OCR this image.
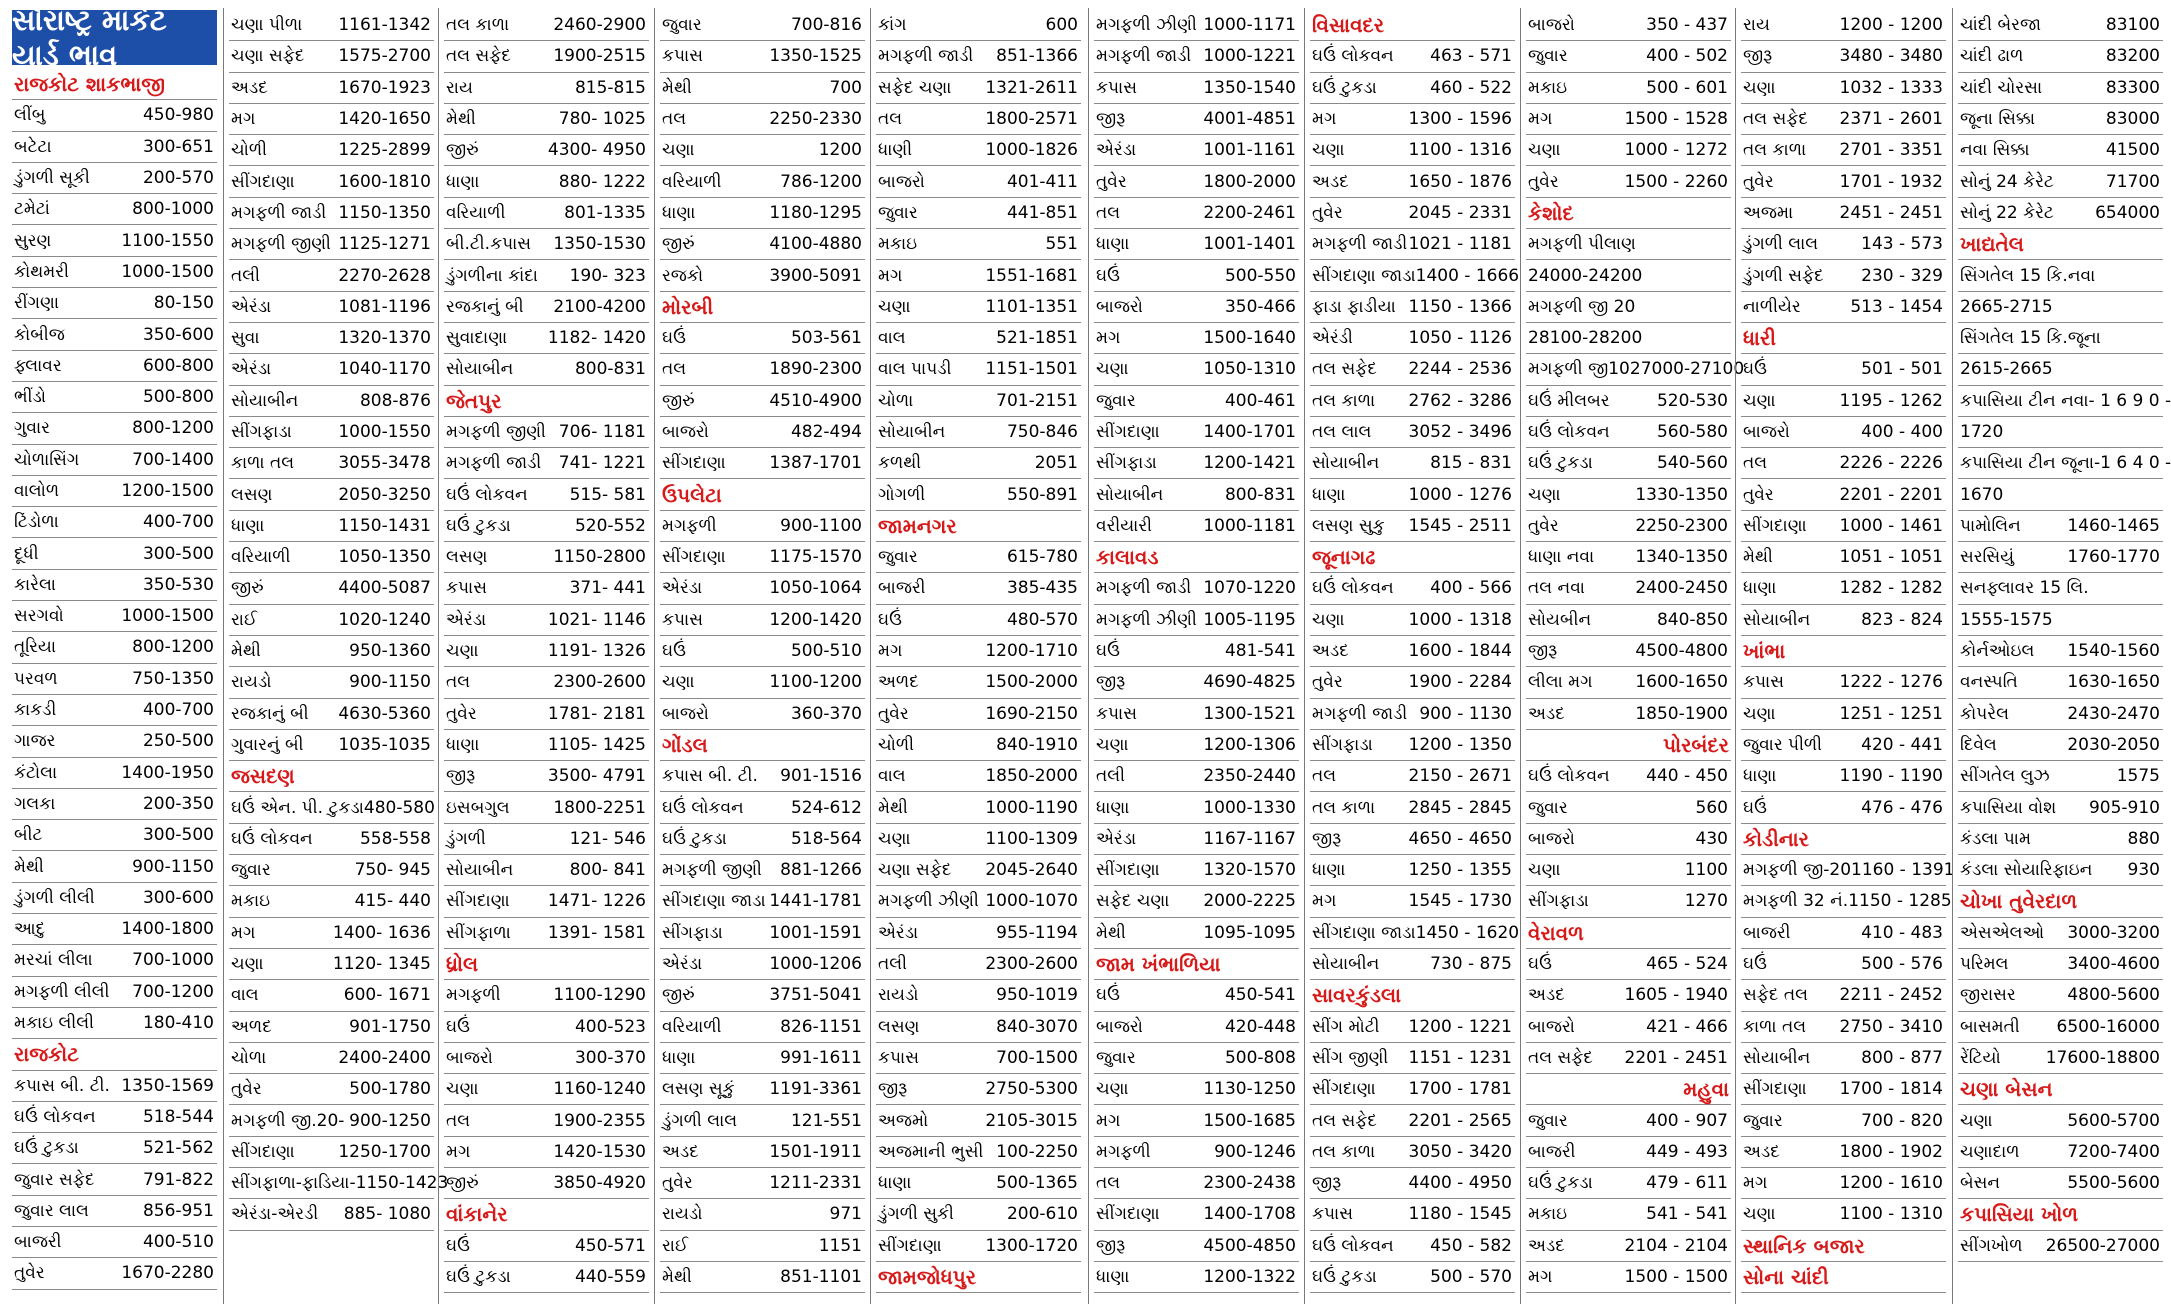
સૌરાષ્ટ્ર માર્કેટ યાર્ડ ભાવ
રાજકોટ શાકભાજી
લીંબુ	450-980
બટેટા	300-651
ડુંગળી સૂકી	200-570
ટમેટાં	800-1000
સુરણ	1100-1550
કોથમરી	1000-1500
રીંગણા	80-150
કોબીજ	350-600
ફ્લાવર	600-800
ભીંડો	500-800
ગુવાર	800-1200
ચોળાસિંગ	700-1400
વાલોળ	1200-1500
ટિંડોળા	400-700
દૂધી	300-500
કારેલા	350-530
સરગવો	1000-1500
તૂરિયા	800-1200
પરવળ	750-1350
કાકડી	400-700
ગાજર	250-500
કંટોલા	1400-1950
ગલકા	200-350
બીટ	300-500
મેથી	900-1150
ડુંગળી લીલી	300-600
આદુ	1400-1800
મરચાં લીલા 700-1000
મગફળી લીલી 700-1200
મકાઇ લીલી	180-410
રાજકોટ
કપાસ બી. ટી. 1350-1569
ઘઉં લોકવન	518-544
ઘઉં ટુકડા	521-562
જુવાર સફેદ	791-822
જુવાર લાલ	856-951
બાજરી	400-510
તુવેર	1670-2280
ચણા પીળા 1161-1342
ચણા સફેદ 1575-2700
અડદ	1670-1923
મગ	1420-1650
ચોળી	1225-2899
સીંગદાણા	1600-1810
મગફળી જાડી 1150-1350
મગફળી જીણી 1125-1271
તલી	2270-2628
એરંડા	1081-1196
સુવા	1320-1370
એરંડા	1040-1170
સોયાબીન	808-876
સીંગફાડા	1000-1550
કાળા તલ	3055-3478
લસણ	2050-3250
ધાણા	1150-1431
વરિયાળી	1050-1350
જીરું	4400-5087
રાઈ	1020-1240
મેથી	950-1360
રાયડો	900-1150
રજકાનું બી 4630-5360
ગુવારનું બી 1035-1035
જસદણ
ઘઉં એન. પી. ટુકડા 480-580
ઘઉં લોકવન	558-558
જુવાર	750- 945
મકાઇ	415- 440
મગ	1400- 1636
ચણા	1120- 1345
વાલ	600- 1671
અળદ	901-1750
ચોળા	2400-2400
તુવેર	500-1780
મગફળી જી.20- 900-1250
સીંગદાણા	1250-1700
સીંગફાળા-ફાડિયા- 1150-1423
એરંડા-એરડી 885- 1080
તલ કાળા	2460-2900
તલ સફેદ 1900-2515
રાય	815-815
મેથી	780- 1025
જીરું	4300- 4950
ધાણા	880- 1222
વરિયાળી	801-1335
બી.ટી.કપાસ 1350-1530
ડુંગળીના કાંદા 190- 323
રજકાનું બી 2100-4200
સુવાદાણા 1182- 1420
સોયાબીન	800-831
જેતપુર
મગફળી જીણી 706- 1181
મગફળી જાડી 741- 1221
ઘઉં લોકવન 515- 581
ઘઉં ટુકડા	520-552
લસણ	1150-2800
કપાસ	371- 441
એરંડા	1021- 1146
ચણા	1191- 1326
તલ	2300-2600
તુવેર	1781- 2181
ધાણા	1105- 1425
જીરૂ	3500- 4791
ઇસબગુલ	1800-2251
ડુંગળી	121- 546
સોયાબીન	800- 841
સીંગદાણા 1471- 1226
સીંગફાળા 1391- 1581
ધ્રોલ
મગફળી	1100-1290
ઘઉં	400-523
બાજરો	300-370
ચણા	1160-1240
તલ	1900-2355
મગ	1420-1530
જીરું	3850-4920
વાંકાનેર
ઘઉં	450-571
ઘઉં ટુકડા	440-559
જુવાર	700-816
કપાસ	1350-1525
મેથી	700
તલ	2250-2330
ચણા	1200
વરિયાળી	786-1200
ધાણા	1180-1295
જીરું	4100-4880
રજકો	3900-5091
મોરબી
ઘઉં	503-561
તલ	1890-2300
જીરું	4510-4900
બાજરો	482-494
સીંગદાણા	1387-1701
ઉપલેટા
મગફળી	900-1100
સીંગદાણા	1175-1570
એરંડા	1050-1064
કપાસ	1200-1420
ઘઉં	500-510
ચણા	1100-1200
બાજરો	360-370
ગોંડલ
કપાસ બી. ટી. 901-1516
ઘઉં લોકવન	524-612
ઘઉં ટુકડા	518-564
મગફળી જીણી 881-1266
સીંગદાણા જાડા 1441-1781
સીંગફાડા	1001-1591
એરંડા	1000-1206
જીરું	3751-5041
વરિયાળી	826-1151
ધાણા	991-1611
લસણ સૂકું 1191-3361
ડુંગળી લાલ	121-551
અડદ	1501-1911
તુવેર	1211-2331
રાયડો	971
રાઈ	1151
મેથી	851-1101
કાંગ	600
મગફળી જાડી 851-1366
સફેદ ચણા 1321-2611
તલ	1800-2571
ધાણી	1000-1826
બાજરો	401-411
જુવાર	441-851
મકાઇ	551
મગ	1551-1681
ચણા	1101-1351
વાલ	521-1851
વાલ પાપડી 1151-1501
ચોળા	701-2151
સોયાબીન	750-846
કળથી	2051
ગોગળી	550-891
જામનગર
જુવાર	615-780
બાજરી	385-435
ઘઉં	480-570
મગ	1200-1710
અળદ	1500-2000
તુવેર	1690-2150
ચોળી	840-1910
વાલ	1850-2000
મેથી	1000-1190
ચણા	1100-1309
ચણા સફેદ 2045-2640
મગફળી ઝીણી 1000-1070
એરંડા	955-1194
તલી	2300-2600
રાયડો	950-1019
લસણ	840-3070
કપાસ	700-1500
જીરૂ	2750-5300
અજમો	2105-3015
અજમાની ભુસી 100-2250
ધાણા	500-1365
ડુંગળી સુકી	200-610
સીંગદાણા	1300-1720
જામજોધપુર
મગફળી ઝીણી 1000-1171
મગફળી જાડી 1000-1221
કપાસ	1350-1540
જીરૂ	4001-4851
એરંડા	1001-1161
તુવેર	1800-2000
તલ	2200-2461
ધાણા	1001-1401
ઘઉં	500-550
બાજરો	350-466
મગ	1500-1640
ચણા	1050-1310
જુવાર	400-461
સીંગદાણા	1400-1701
સીંગફાડા	1200-1421
સોયાબીન	800-831
વરીયારી	1000-1181
કાલાવડ
મગફળી જાડી 1070-1220
મગફળી ઝીણી 1005-1195
ઘઉં	481-541
જીરૂ	4690-4825
કપાસ	1300-1521
ચણા	1200-1306
તલી	2350-2440
ધાણા	1000-1330
એરંડા	1167-1167
સીંગદાણા	1320-1570
સફેદ ચણા 2000-2225
મેથી	1095-1095
જામ ખંભાળિયા
ઘઉં	450-541
બાજરો	420-448
જુવાર	500-808
ચણા	1130-1250
મગ	1500-1685
મગફળી	900-1246
તલ	2300-2438
સીંગદાણા	1400-1708
જીરૂ	4500-4850
ધાણા	1200-1322
વિસાવદર
ઘઉં લોકવન 463 - 571
ઘઉં ટુકડા	460 - 522
મગ	1300 - 1596
ચણા	1100 - 1316
અડદ	1650 - 1876
તુવેર	2045 - 2331
મગફળી જાડી 1021 - 1181
સીંગદાણા જાડા 1400 - 1666
ફાડા ફાડીયા 1150 - 1366
એરંડી	1050 - 1126
તલ સફેદ 2244 - 2536
તલ કાળા 2762 - 3286
તલ લાલ 3052 - 3496
સોયાબીન	815 - 831
ધાણા	1000 - 1276
લસણ સુકુ 1545 - 2511
જૂનાગઢ
ઘઉં લોકવન 400 - 566
ચણા	1000 - 1318
અડદ	1600 - 1844
તુવેર	1900 - 2284
મગફળી જાડી 900 - 1130
સીંગફાડા 1200 - 1350
તલ	2150 - 2671
તલ કાળા 2845 - 2845
જીરૂ	4650 - 4650
ધાણા	1250 - 1355
મગ	1545 - 1730
સીંગદાણા જાડા 1450 - 1620
સોયાબીન	730 - 875
સાવરકુંડલા
સીંગ મોટી 1200 - 1221
સીંગ જીણી 1151 - 1231
સીંગદાણા 1700 - 1781
તલ સફેદ 2201 - 2565
તલ કાળા 3050 - 3420
જીરૂ	4400 - 4950
કપાસ	1180 - 1545
ઘઉં લોકવન 450 - 582
ઘઉં ટુકડા	500 - 570
બાજરો	350 - 437
જુવાર	400 - 502
મકાઇ	500 - 601
મગ	1500 - 1528
ચણા	1000 - 1272
તુવેર	1500 - 2260
કેશોદ
મગફળી પીલાણ
24000-24200
મગફળી જી 20
28100-28200
મગફળી જી10 27000-27100
ઘઉં મીલબર	520-530
ઘઉં લોકવન	560-580
ઘઉં ટુકડા	540-560
ચણા	1330-1350
તુવેર	2250-2300
ધાણા નવા 1340-1350
તલ નવા	2400-2450
સોયબીન	840-850
જીરૂ	4500-4800
લીલા મગ	1600-1650
અડદ	1850-1900
પોરબંદર
ઘઉં લોકવન 440 - 450
જુવાર	560
બાજરો	430
ચણા	1100
સીંગફાડા	1270
વેરાવળ
ઘઉં	465 - 524
અડદ	1605 - 1940
બાજરો	421 - 466
તલ સફેદ 2201 - 2451
મહુવા
જુવાર	400 - 907
બાજરી	449 - 493
ઘઉં ટુકડા	479 - 611
મકાઇ	541 - 541
અડદ	2104 - 2104
મગ	1500 - 1500
રાય	1200 - 1200
જીરૂ	3480 - 3480
ચણા	1032 - 1333
તલ સફેદ 2371 - 2601
તલ કાળા 2701 - 3351
તુવેર	1701 - 1932
અજમા	2451 - 2451
ડુંગળી લાલ	143 - 573
ડુંગળી સફેદ 230 - 329
નાળીયેર	513 - 1454
ધારી
ઘઉં	501 - 501
ચણા	1195 - 1262
બાજરો	400 - 400
તલ	2226 - 2226
તુવેર	2201 - 2201
સીંગદાણા 1000 - 1461
મેથી	1051 - 1051
ધાણા	1282 - 1282
સોયાબીન	823 - 824
ખાંભા
કપાસ	1222 - 1276
ચણા	1251 - 1251
જુવાર પીળી 420 - 441
ધાણા	1190 - 1190
ઘઉં	476 - 476
કોડીનાર
મગફળી જી-20 1160 - 1391
મગફળી 32 નં. 1150 - 1285
બાજરી	410 - 483
ઘઉં	500 - 576
સફેદ તલ 2211 - 2452
કાળા તલ 2750 - 3410
સોયાબીન	800 - 877
સીંગદાણા 1700 - 1814
જુવાર	700 - 820
અડદ	1800 - 1902
મગ	1200 - 1610
ચણા	1100 - 1310
સ્થાનિક બજાર
સોના ચાંદી
ચાંદી બેરજા	83100
ચાંદી ઢાળ	83200
ચાંદી ચોરસા	83300
જૂના સિક્કા	83000
નવા સિક્કા	41500
સોનું 24 કેરેટ	71700
સોનું 22 કેરેટ 654000
ખાદ્યતેલ
સિંગતેલ 15 કિ.નવા
2665-2715
સિંગતેલ 15 કિ.જૂના
2615-2665
કપાસિયા ટીન નવા- 1 6 9 0 -
1720
કપાસિયા ટીન જૂના-1 6 4 0 -
1670
પામોલિન	1460-1465
સરસિયું	1760-1770
સનફ્લાવર 15 લિ.
1555-1575
કોર્નઓઇલ 1540-1560
વનસ્પતિ	1630-1650
કોપરેલ	2430-2470
દિવેલ	2030-2050
સીંગતેલ લુઝ	1575
કપાસિયા વોશ 905-910
કંડલા પામ	880
કંડલા સોયારિફાઇન 930
ચોખા તુવેરદાળ
એસએલઓ 3000-3200
પરિમલ	3400-4600
જીરાસર	4800-5600
બાસમતી 6500-16000
રેંટિયો	17600-18800
ચણા બેસન
ચણા	5600-5700
ચણાદાળ	7200-7400
બેસન	5500-5600
કપાસિયા ખોળ
સીંગખોળ 26500-27000
